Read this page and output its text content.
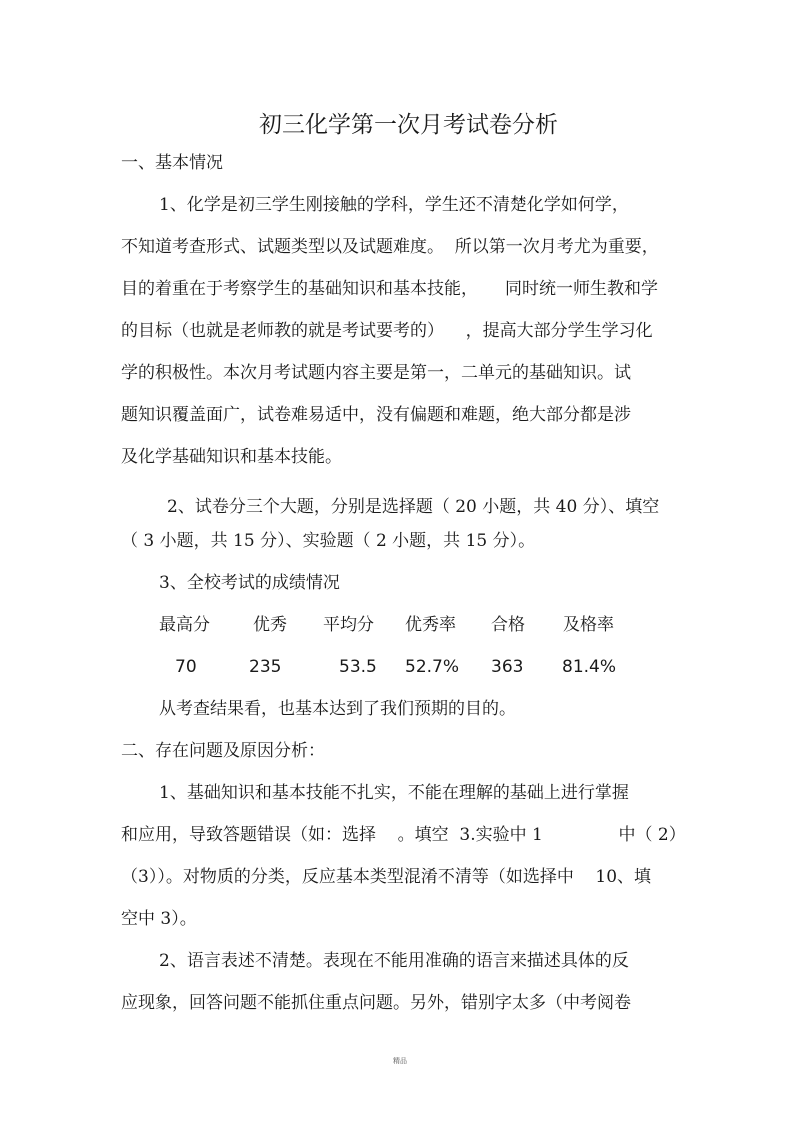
初三化学第一次月考试卷分析
一、基本情况
1、化学是初三学生刚接触的学科，学生还不清楚化学如何学，
不知道考查形式、试题类型以及试题难度。  所以第一次月考尤为重要，
目的着重在于考察学生的基础知识和基本技能，     同时统一师生教和学
的目标（也就是老师教的就是考试要考的）    ，提高大部分学生学习化
学的积极性。本次月考试题内容主要是第一，二单元的基础知识。试
题知识覆盖面广，试卷难易适中，没有偏题和难题，绝大部分都是涉
及化学基础知识和基本技能。
2、试卷分三个大题，分别是选择题（ 20 小题，共 40 分）、填空
（ 3 小题，共 15 分）、实验题（ 2 小题，共 15 分）。
3、全校考试的成绩情况
最高分	优秀 平均分 优秀率 合格 及格率
70	235	53.5 52.7% 363 81.4%
从考查结果看，也基本达到了我们预期的目的。
二、存在问题及原因分析：
1、基础知识和基本技能不扎实，不能在理解的基础上进行掌握
和应用，导致答题错误（如：选择    。填空  3.实验中 1              中（ 2）
（3））。对物质的分类，反应基本类型混淆不清等（如选择中    10、填
空中 3）。
2、语言表述不清楚。表现在不能用准确的语言来描述具体的反
应现象，回答问题不能抓住重点问题。另外，错别字太多（中考阅卷
精品
